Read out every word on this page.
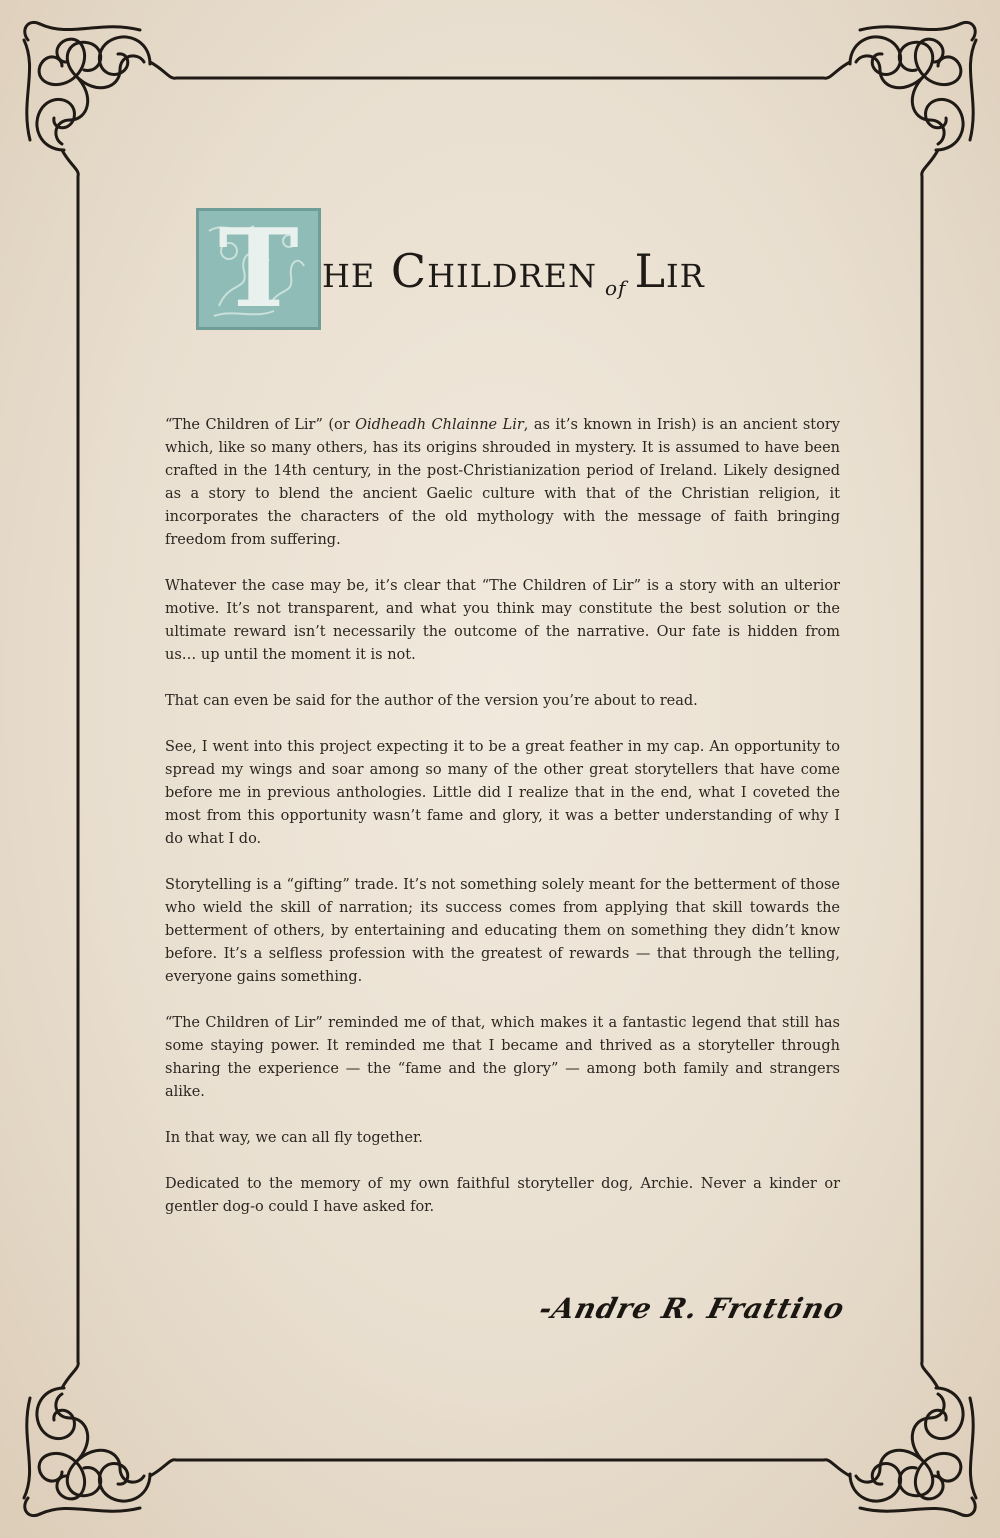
T he Children of Lir

“The Children of Lir” (or Oidheadh Chlainne Lir, as it’s known in Irish) is an ancient story which, like so many others, has its origins shrouded in mystery. It is assumed to have been crafted in the 14th century, in the post-Christianization period of Ireland. Likely designed as a story to blend the ancient Gaelic culture with that of the Christian religion, it incorporates the characters of the old mythology with the message of faith bringing freedom from suffering.

Whatever the case may be, it’s clear that “The Children of Lir” is a story with an ulterior motive. It’s not transparent, and what you think may constitute the best solution or the ultimate reward isn’t necessarily the outcome of the narrative. Our fate is hidden from us… up until the moment it is not.

That can even be said for the author of the version you’re about to read.

See, I went into this project expecting it to be a great feather in my cap. An opportunity to spread my wings and soar among so many of the other great storytellers that have come before me in previous anthologies. Little did I realize that in the end, what I coveted the most from this opportunity wasn’t fame and glory, it was a better understanding of why I do what I do.

Storytelling is a “gifting” trade. It’s not something solely meant for the betterment of those who wield the skill of narration; its success comes from applying that skill towards the betterment of others, by entertaining and educating them on something they didn’t know before. It’s a selfless profession with the greatest of rewards — that through the telling, everyone gains something.

“The Children of Lir” reminded me of that, which makes it a fantastic legend that still has some staying power. It reminded me that I became and thrived as a storyteller through sharing the experience — the “fame and the glory” — among both family and strangers alike.

In that way, we can all fly together.

Dedicated to the memory of my own faithful storyteller dog, Archie. Never a kinder or gentler dog-o could I have asked for.

-Andre R. Frattino
